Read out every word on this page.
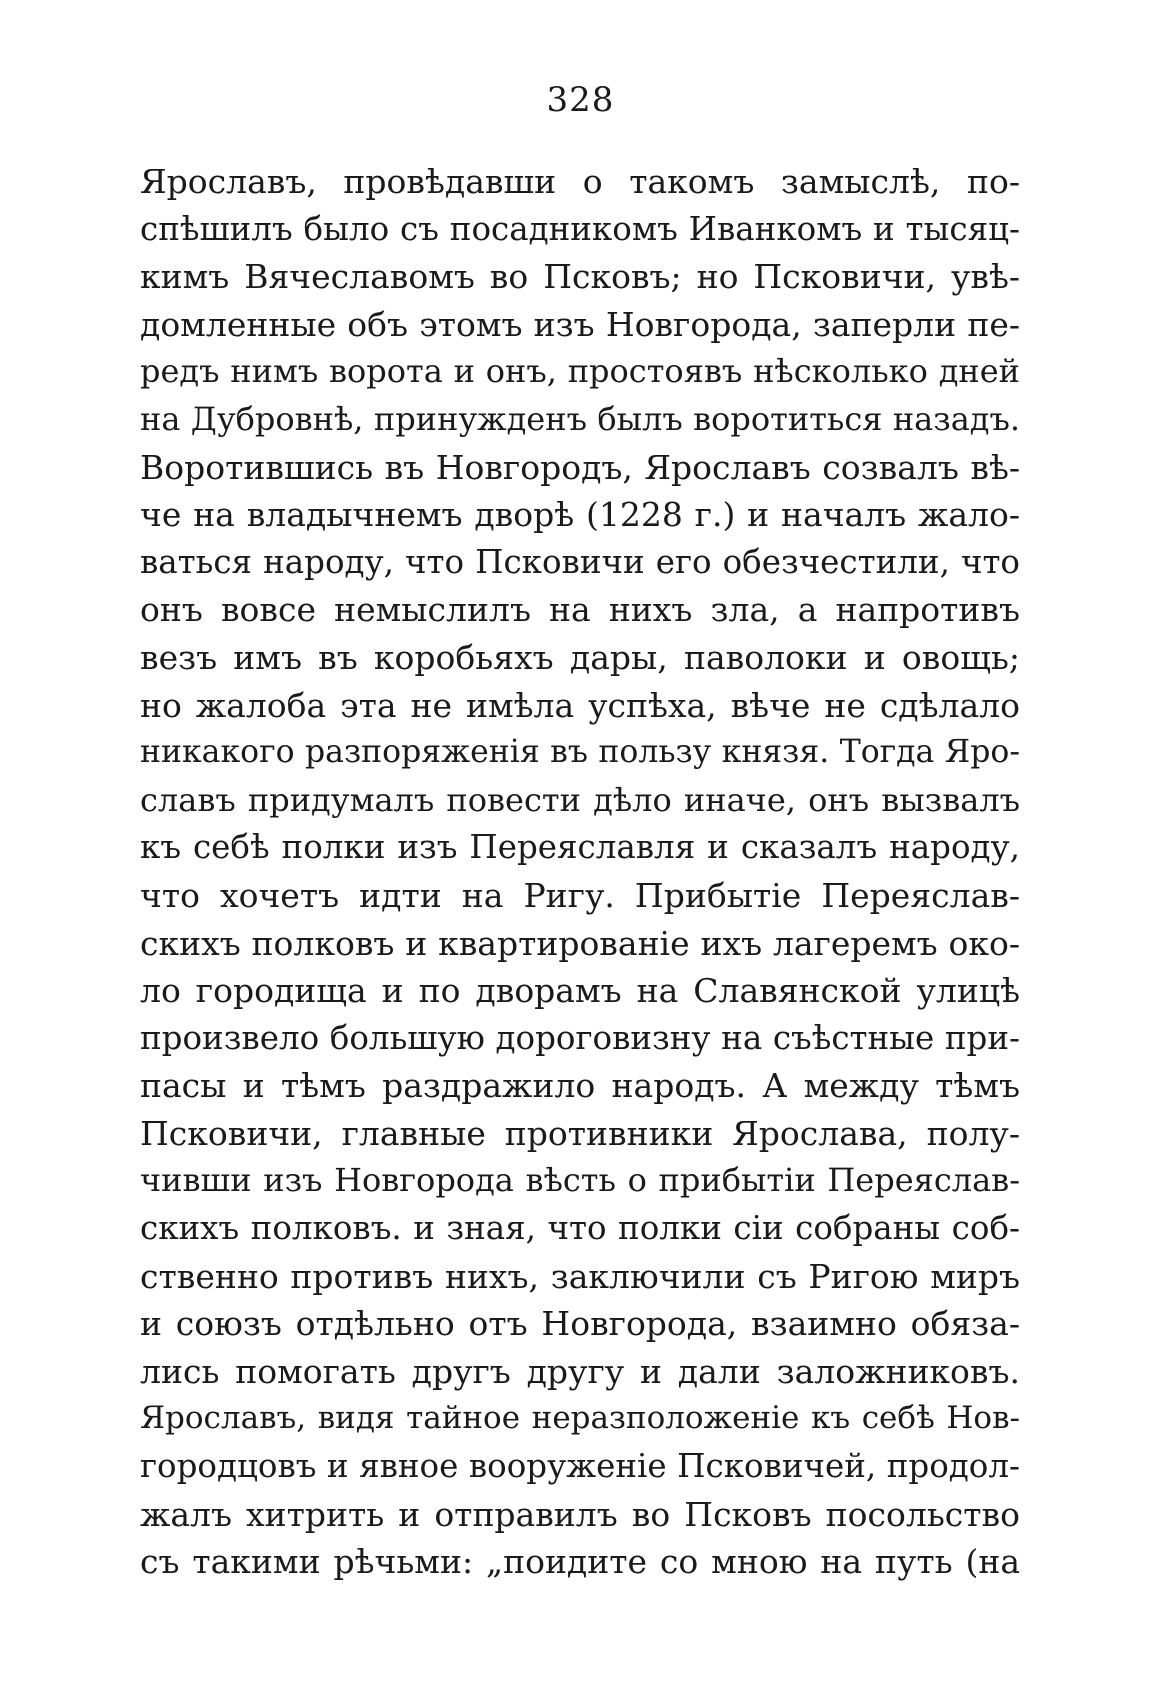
328
Ярославъ, провѣдавши о такомъ замыслѣ, по-
спѣшилъ было съ посадникомъ Иванкомъ и тысяц-
кимъ Вячеславомъ во Псковъ; но Псковичи, увѣ-
домленные объ этомъ изъ Новгорода, заперли пе-
редъ нимъ ворота и онъ, простоявъ нѣсколько дней
на Дубровнѣ, принужденъ былъ воротиться назадъ.
Воротившись въ Новгородъ, Ярославъ созвалъ вѣ-
че на владычнемъ дворѣ (1228 г.) и началъ жало-
ваться народу, что Псковичи его обезчестили, что
онъ вовсе немыслилъ на нихъ зла, а напротивъ
везъ имъ въ коробьяхъ дары, паволоки и овощь;
но жалоба эта не имѣла успѣха, вѣче не сдѣлало
никакого разпоряженія въ пользу князя. Тогда Яро-
славъ придумалъ повести дѣло иначе, онъ вызвалъ
къ себѣ полки изъ Переяславля и сказалъ народу,
что хочетъ идти на Ригу. Прибытіе Переяслав-
скихъ полковъ и квартированіе ихъ лагеремъ око-
ло городища и по дворамъ на Славянской улицѣ
произвело большую дороговизну на съѣстные при-
пасы и тѣмъ раздражило народъ. А между тѣмъ
Псковичи, главные противники Ярослава, полу-
чивши изъ Новгорода вѣсть о прибытіи Переяслав-
скихъ полковъ. и зная, что полки сіи собраны соб-
ственно противъ нихъ, заключили съ Ригою миръ
и союзъ отдѣльно отъ Новгорода, взаимно обяза-
лись помогать другъ другу и дали заложниковъ.
Ярославъ, видя тайное неразположеніе къ себѣ Нов-
городцовъ и явное вооруженіе Псковичей, продол-
жалъ хитрить и отправилъ во Псковъ посольство
съ такими рѣчьми: „поидите со мною на путь (на
